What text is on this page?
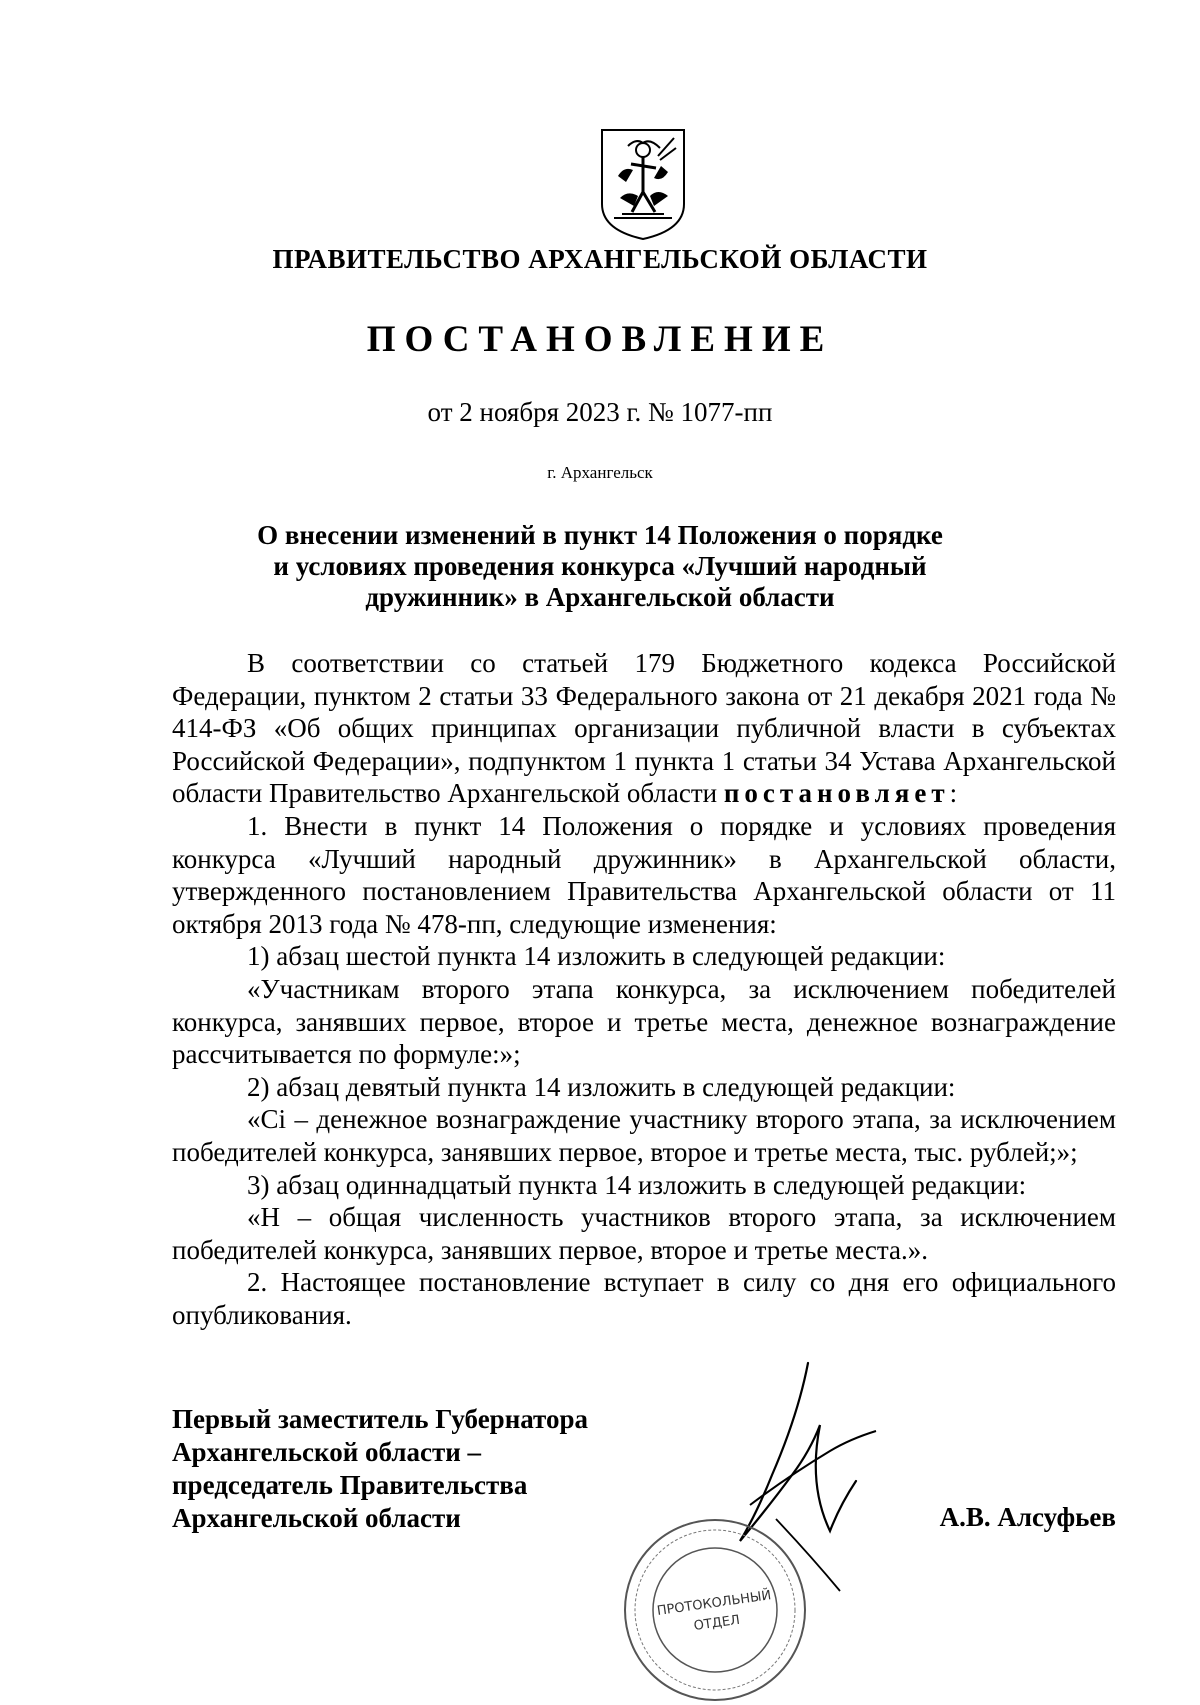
ПРАВИТЕЛЬСТВО АРХАНГЕЛЬСКОЙ ОБЛАСТИ
ПОСТАНОВЛЕНИЕ
от 2 ноября 2023 г. № 1077-пп
г. Архангельск
О внесении изменений в пункт 14 Положения о порядке
и условиях проведения конкурса «Лучший народный
дружинник» в Архангельской области

В соответствии со статьей 179 Бюджетного кодекса Российской Федерации, пунктом 2 статьи 33 Федерального закона от 21 декабря 2021 года № 414-ФЗ «Об общих принципах организации публичной власти в субъектах Российской Федерации», подпунктом 1 пункта 1 статьи 34 Устава Архангельской области Правительство Архангельской области постановляет:

1. Внести в пункт 14 Положения о порядке и условиях проведения конкурса «Лучший народный дружинник» в Архангельской области, утвержденного постановлением Правительства Архангельской области от 11 октября 2013 года № 478-пп, следующие изменения:

1) абзац шестой пункта 14 изложить в следующей редакции:

«Участникам второго этапа конкурса, за исключением победителей конкурса, занявших первое, второе и третье места, денежное вознаграждение рассчитывается по формуле:»;

2) абзац девятый пункта 14 изложить в следующей редакции:

«Ci – денежное вознаграждение участнику второго этапа, за исключением победителей конкурса, занявших первое, второе и третье места, тыс. рублей;»;

3) абзац одиннадцатый пункта 14 изложить в следующей редакции:

«Н – общая численность участников второго этапа, за исключением победителей конкурса, занявших первое, второе и третье места.».

2. Настоящее постановление вступает в силу со дня его официального опубликования.

Первый заместитель Губернатора
Архангельской области –
председатель Правительства
Архангельской области	А.В. Алсуфьев
ПРОТОКОЛЬНЫЙ
ОТДЕЛ
